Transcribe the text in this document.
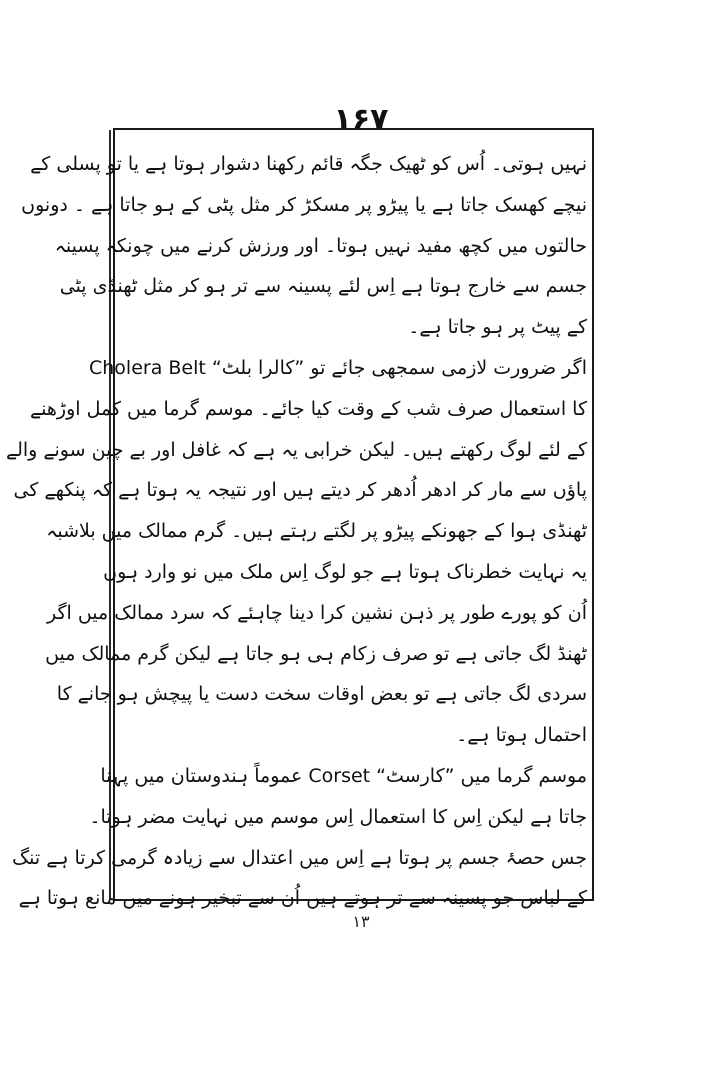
۱۶۷
نہیں ہوتی۔ اُس کو ٹھیک جگہ قائم رکھنا دشوار ہوتا ہے یا تو پسلی کے
نیچے کھسک جاتا ہے یا پیڑو پر مسکڑ کر مثل پٹی کے ہو جاتا ہے ۔ دونوں
حالتوں میں کچھ مفید نہیں ہوتا۔ اور ورزش کرنے میں چونکہ پسینہ
جسم سے خارج ہوتا ہے اِس لئے پسینہ سے تر ہو کر مثل ٹھنڈی پٹی
کے پیٹ پر ہو جاتا ہے۔
اگر ضرورت لازمی سمجھی جائے تو ”کالرا بلٹ“ Cholera Belt
کا استعمال صرف شب کے وقت کیا جائے۔ موسم گرما میں کمل اوڑھنے
کے لئے لوگ رکھتے ہیں۔ لیکن خرابی یہ ہے کہ غافل اور بے چین سونے والے
پاؤں سے مار کر ادھر اُدھر کر دیتے ہیں اور نتیجہ یہ ہوتا ہے کہ پنکھے کی
ٹھنڈی ہوا کے جھونکے پیڑو پر لگتے رہتے ہیں۔ گرم ممالک میں بلاشبہ
یہ نہایت خطرناک ہوتا ہے جو لوگ اِس ملک میں نو وارد ہوں
اُن کو پورے طور پر ذہن نشین کرا دینا چاہئے کہ سرد ممالک میں اگر
ٹھنڈ لگ جاتی ہے تو صرف زکام ہی ہو جاتا ہے لیکن گرم ممالک میں
سردی لگ جاتی ہے تو بعض اوقات سخت دست یا پیچش ہو جانے کا
احتمال ہوتا ہے۔
موسم گرما میں ”کارسٹ“ Corset عموماً ہندوستان میں پہنا
جاتا ہے لیکن اِس کا استعمال اِس موسم میں نہایت مضر ہوتا۔
جس حصۂ جسم پر ہوتا ہے اِس میں اعتدال سے زیادہ گرمی کرتا ہے تنگ
کے لباس جو پسینہ سے تر ہوتے ہیں اُن سے تبخیر ہونے میں مانع ہوتا ہے
۱۳
